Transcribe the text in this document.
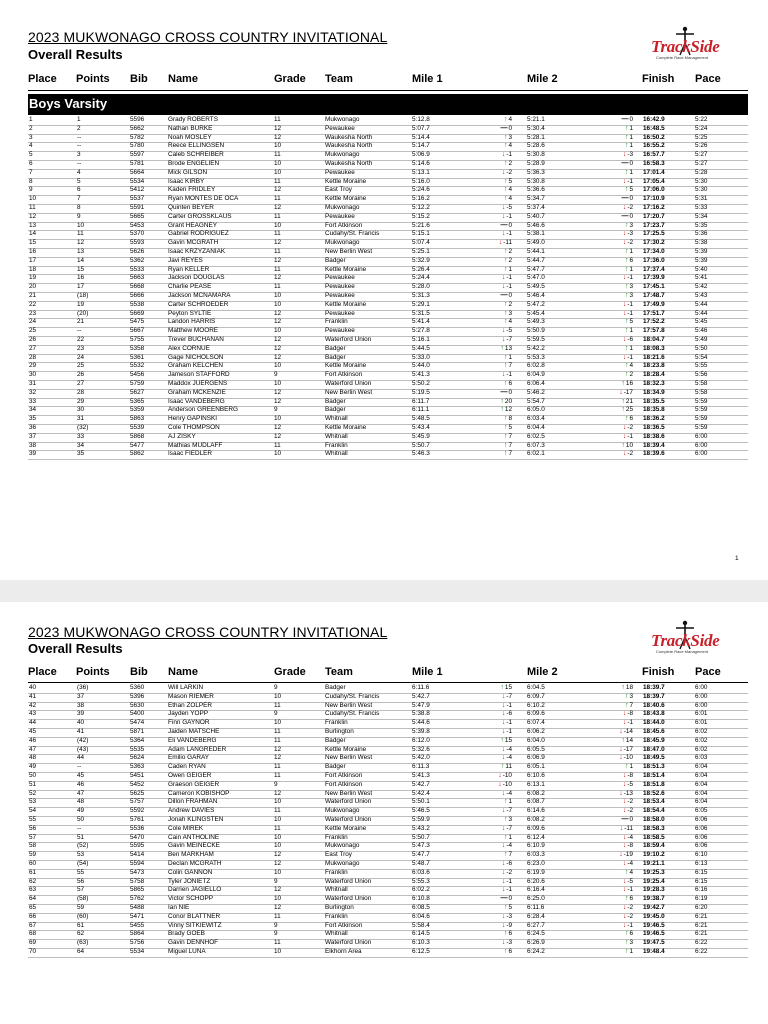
2023 MUKWONAGO CROSS COUNTRY INVITATIONAL
Overall Results	TrackSide
Complete Race Management
Place Points Bib Name	Grade Team	Mile 1	Mile 2	Finish Pace
Boys Varsity
1	1	5596	Grady ROBERTS	11	Mukwonago	5:12.8	↑4 5:21.1	—0 16:42.9	5:22
2	2	5662	Nathan BURKE	12	Pewaukee	5:07.7	—0 5:30.4	↑1 16:48.5	5:24
3	--	5782	Noah MOSLEY	12	Waukesha North	5:14.4	↑3 5:28.1	↑1 16:50.2	5:25
4	--	5780	Reece ELLINGSEN	10	Waukesha North	5:14.7	↑4 5:28.6	↑1 16:55.2	5:26
5	3	5597	Caleb SCHREIBER	11	Mukwonago	5:06.9	↓-1 5:30.8	↓-3 16:57.7	5:27
6	--	5781	Brode ENGELIEN	10	Waukesha North	5:14.6	↑2 5:28.9	—0 16:58.3	5:27
7	4	5664	Mick GILSON	10	Pewaukee	5:13.1	↓-2 5:36.3	↑1 17:01.4	5:28
8	5	5534	Isaac KIRBY	11	Kettle Moraine	5:16.0	↑5 5:30.8	↓-1 17:05.4	5:30
9	6	5412	Kaden FRIDLEY	12	East Troy	5:24.6	↑4 5:36.6	↑5 17:06.0	5:30
10	7	5537	Ryan MONTES DE OCA	11	Kettle Moraine	5:16.2	↑4 5:34.7	—0 17:10.9	5:31
11	8	5591	Quinten BEYER	12	Mukwonago	5:12.2	↓-5 5:37.4	↓-2 17:16.2	5:33
12	9	5665	Carter GROSSKLAUS	11	Pewaukee	5:15.2	↓-1 5:40.7	—0 17:20.7	5:34
13	10	5453	Grant HEAGNEY	10	Fort Atkinson	5:21.6	—0 5:46.6	↑3 17:23.7	5:35
14	11	5370	Gabriel RODRIGUEZ	11	Cudahy/St. Francis	5:15.1	↓-1 5:38.1	↓-3 17:25.5	5:36
15	12	5593	Gavin MCGRATH	12	Mukwonago	5:07.4	↓-11 5:49.0	↓-2 17:30.2	5:38
16	13	5626	Isaac KRZYZANIAK	11	New Berlin West	5:25.1	↑2 5:44.1	↑1 17:34.0	5:39
17	14	5362	Javi REYES	12	Badger	5:32.9	↑2 5:44.7	↑6 17:36.0	5:39
18	15	5533	Ryan KELLER	11	Kettle Moraine	5:26.4	↑1 5:47.7	↑1 17:37.4	5:40
19	16	5663	Jackson DOUGLAS	12	Pewaukee	5:24.4	↓-1 5:47.0	↓-1 17:39.9	5:41
20	17	5668	Charlie PEASE	11	Pewaukee	5:28.0	↓-1 5:49.5	↑3 17:45.1	5:42
21	(18)	5666	Jackson MCNAMARA	10	Pewaukee	5:31.3	—0 5:46.4	↑3 17:48.7	5:43
22	19	5538	Carter SCHROEDER	10	Kettle Moraine	5:29.1	↑2 5:47.2	↓-1 17:49.9	5:44
23	(20)	5669	Peyton SYLTIE	12	Pewaukee	5:31.5	↑3 5:45.4	↓-1 17:51.7	5:44
24	21	5475	Landon HARRIS	12	Franklin	5:41.4	↑4 5:49.3	↑5 17:52.2	5:45
25	--	5667	Matthew MOORE	10	Pewaukee	5:27.8	↓-5 5:50.9	↑1 17:57.8	5:46
26	22	5755	Trever BUCHANAN	12	Waterford Union	5:16.1	↓-7 5:59.5	↓-6 18:04.7	5:49
27	23	5358	Alex CORNUE	12	Badger	5:44.5	↑13 5:42.2	↑1 18:08.3	5:50
28	24	5361	Gage NICHOLSON	12	Badger	5:33.0	↑1 5:53.3	↓-1 18:21.6	5:54
29	25	5532	Graham KELCHEN	10	Kettle Moraine	5:44.0	↑7 6:02.8	↑4 18:23.8	5:55
30	26	5456	Jameson STAFFORD	9	Fort Atkinson	5:41.3	↓-1 6:04.9	↑2 18:28.4	5:56
31	27	5759	Maddox JUERGENS	10	Waterford Union	5:50.2	↑6 6:06.4	↑16 18:32.3	5:58
32	28	5627	Graham MCKENZIE	12	New Berlin West	5:19.5	—0 5:46.2	↓-17 18:34.9	5:58
33	29	5365	Isaac VANDEBERG	12	Badger	6:11.7	↑20 5:54.7	↑21 18:35.5	5:59
34	30	5359	Anderson GREENBERG	9	Badger	6:11.1	↑12 6:05.0	↑25 18:35.8	5:59
35	31	5863	Henry GAPINSKI	10	Whitnall	5:48.5	↑8 6:03.4	↑6 18:36.2	5:59
36	(32)	5539	Cole THOMPSON	12	Kettle Moraine	5:43.4	↑5 6:04.4	↓-2 18:36.5	5:59
37	33	5868	AJ ZISKY	12	Whitnall	5:45.9	↑7 6:02.5	↓-1 18:38.6	6:00
38	34	5477	Mathias MUDLAFF	11	Franklin	5:50.7	↑7 6:07.3	↑10 18:39.4	6:00
39	35	5862	Isaac FIEDLER	10	Whitnall	5:46.3	↑7 6:02.1	↓-2 18:39.6	6:00
1
2023 MUKWONAGO CROSS COUNTRY INVITATIONAL
Overall Results	TrackSide
Complete Race Management
Place Points Bib Name	Grade Team	Mile 1	Mile 2	Finish Pace
40	(36)	5360	Will LARKIN	9	Badger	6:11.6	↑15 6:04.5	↑18 18:39.7	6:00
41	37	5396	Mason RIEMER	10	Cudahy/St. Francis	5:42.7	↓-7 6:09.7	↑3 18:39.7	6:00
42	38	5630	Ethan ZOLPER	11	New Berlin West	5:47.9	↓-1 6:10.2	↑7 18:40.6	6:00
43	39	5400	Jayden YOPP	9	Cudahy/St. Francis	5:38.8	↓-6 6:09.6	↓-8 18:43.8	6:01
44	40	5474	Finn GAYNOR	10	Franklin	5:44.6	↓-1 6:07.4	↓-1 18:44.0	6:01
45	41	5871	Jaiden MATSCHE	11	Burlington	5:39.8	↓-1 6:06.2	↓-14 18:45.6	6:02
46	(42)	5364	Eli VANDEBERG	11	Badger	6:12.0	↑15 6:04.0	↑14 18:45.9	6:02
47	(43)	5535	Adam LANGREDER	12	Kettle Moraine	5:32.6	↓-4 6:05.5	↓-17 18:47.0	6:02
48	44	5624	Emilio GARAY	12	New Berlin West	5:42.0	↓-4 6:06.9	↓-10 18:49.5	6:03
49	--	5363	Caden RYAN	11	Badger	6:11.3	↑11 6:05.1	↑1 18:51.3	6:04
50	45	5451	Owen GEIGER	11	Fort Atkinson	5:41.3	↓-10 6:10.6	↓-8 18:51.4	6:04
51	46	5452	Graeson GEIGER	9	Fort Atkinson	5:42.7	↓-10 6:13.1	↓-5 18:51.8	6:04
52	47	5625	Cameron KOBISHOP	12	New Berlin West	5:42.4	↓-4 6:08.2	↓-13 18:52.6	6:04
53	48	5757	Dillon FRAHMAN	10	Waterford Union	5:50.1	↑1 6:08.7	↓-2 18:53.4	6:04
54	49	5592	Andrew DAVIES	11	Mukwonago	5:46.5	↓-7 6:14.6	↓-2 18:54.4	6:05
55	50	5761	Jonah KLINGSTEN	10	Waterford Union	5:59.9	↑3 6:08.2	—0 18:58.0	6:06
56	--	5536	Cole MIREK	11	Kettle Moraine	5:43.2	↓-7 6:09.6	↓-11 18:58.3	6:06
57	51	5470	Cain ANTHOLINE	10	Franklin	5:50.7	↑1 6:12.4	↓-4 18:58.5	6:06
58	(52)	5595	Gavin MEINECKE	10	Mukwonago	5:47.3	↓-4 6:10.9	↓-8 18:59.4	6:06
59	53	5414	Ben MARKHAM	12	East Troy	5:47.7	↑7 6:03.3	↓-19 19:10.2	6:10
60	(54)	5594	Declan MCGRATH	12	Mukwonago	5:48.7	↓-6 6:23.0	↓-4 19:21.1	6:13
61	55	5473	Colin GANNON	10	Franklin	6:03.6	↓-2 6:19.9	↑4 19:25.3	6:15
62	56	5758	Tyler JONIETZ	9	Waterford Union	5:55.3	↓-1 6:20.6	↓-5 19:25.4	6:15
63	57	5865	Darrien JAGIELLO	12	Whitnall	6:02.2	↓-1 6:16.4	↓-1 19:28.3	6:16
64	(58)	5762	Victor SCHOPP	10	Waterford Union	6:10.8	—0 6:25.0	↑6 19:38.7	6:19
65	59	5488	Ian NIE	12	Burlington	6:08.5	↑5 6:11.6	↓-2 19:42.7	6:20
66	(60)	5471	Conor BLATTNER	11	Franklin	6:04.6	↓-3 6:28.4	↓-2 19:45.0	6:21
67	61	5455	Vinny SITKIEWITZ	9	Fort Atkinson	5:58.4	↓-9 6:27.7	↓-1 19:46.5	6:21
68	62	5864	Brady GOEB	9	Whitnall	6:14.5	↑6 6:24.5	↑6 19:46.5	6:21
69	(63)	5756	Gavin DENNHOF	11	Waterford Union	6:10.3	↓-3 6:26.9	↑3 19:47.5	6:22
70	64	5534	Miguel LUNA	10	Elkhorn Area	6:12.5	↑6 6:24.2	↑1 19:48.4	6:22
